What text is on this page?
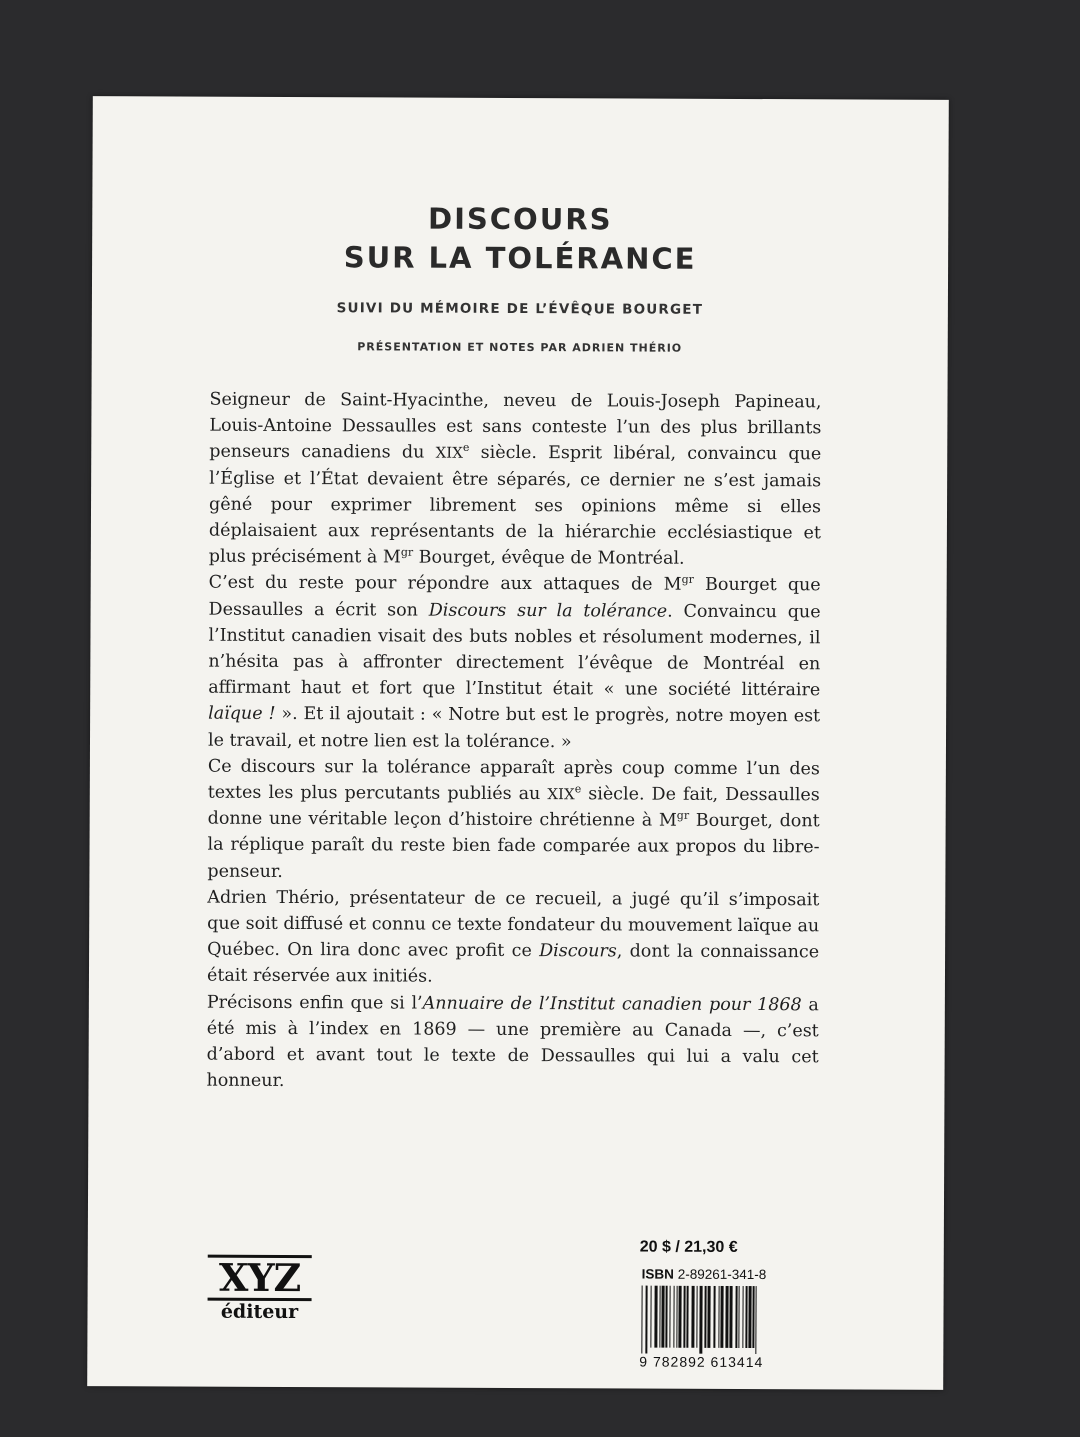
DISCOURS
SUR LA TOLÉRANCE
SUIVI DU MÉMOIRE DE L’ÉVÊQUE BOURGET
PRÉSENTATION ET NOTES PAR ADRIEN THÉRIO

Seigneur de Saint-Hyacinthe, neveu de Louis-Joseph Papineau, Louis-Antoine Dessaulles est sans conteste l’un des plus brillants penseurs canadiens du XIXe siècle. Esprit libéral, convaincu que l’Église et l’État devaient être séparés, ce dernier ne s’est jamais gêné pour exprimer librement ses opinions même si elles déplaisaient aux représentants de la hiérarchie ecclésiastique et plus précisément à $M^{gr}$ Bourget, évêque de Montréal.

C’est du reste pour répondre aux attaques de $M^{gr}$ Bourget que Dessaulles a écrit son Discours sur la tolérance. Convaincu que l’Institut canadien visait des buts nobles et résolument modernes, il n’hésita pas à affronter directement l’évêque de Montréal en affirmant haut et fort que l’Institut était « une société littéraire laïque ! ». Et il ajoutait : « Notre but est le progrès, notre moyen est le travail, et notre lien est la tolérance. »

Ce discours sur la tolérance apparaît après coup comme l’un des textes les plus percutants publiés au XIXe siècle. De fait, Dessaulles donne une véritable leçon d’histoire chrétienne à $M^{gr}$ Bourget, dont la réplique paraît du reste bien fade comparée aux propos du libre-penseur.

Adrien Thério, présentateur de ce recueil, a jugé qu’il s’imposait que soit diffusé et connu ce texte fondateur du mouvement laïque au Québec. On lira donc avec profit ce Discours, dont la connaissance était réservée aux initiés.

Précisons enfin que si l’Annuaire de l’Institut canadien pour 1868 a été mis à l’index en 1869 — une première au Canada —, c’est d’abord et avant tout le texte de Dessaulles qui lui a valu cet honneur.

XYZ
éditeur
20 $ / 21,30 €
ISBN 2-89261-341-8
9 782892 613414
